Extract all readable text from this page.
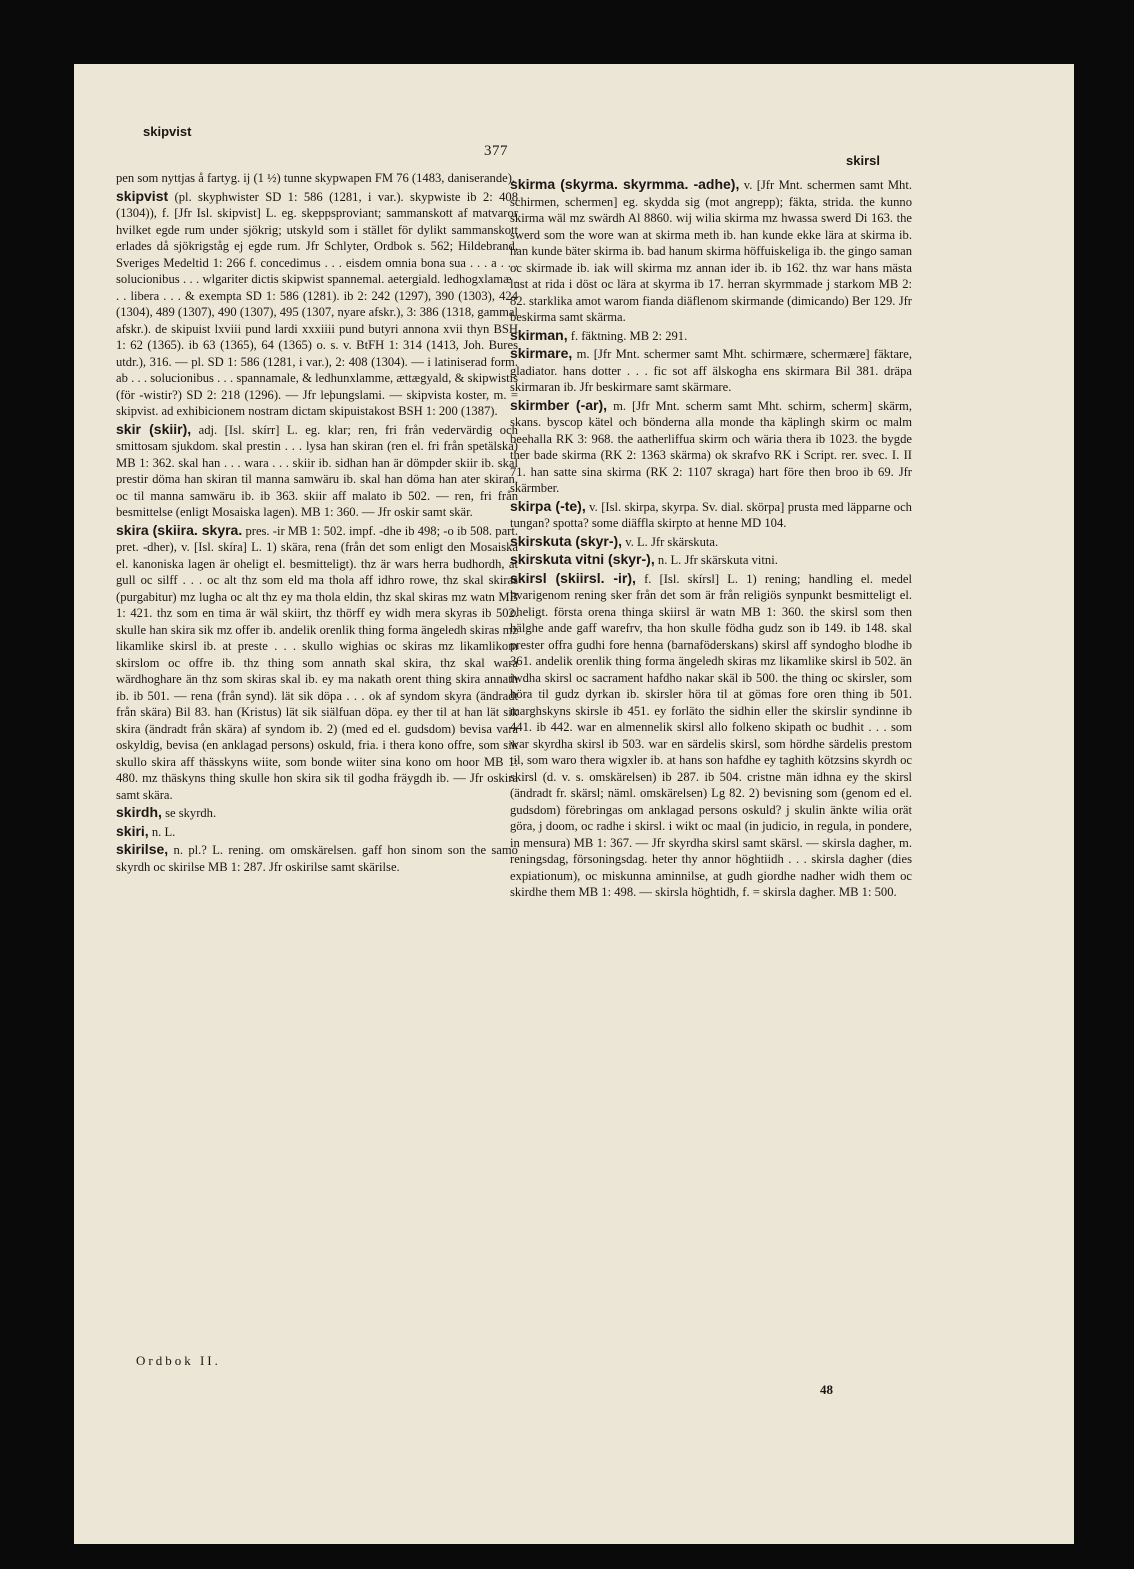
skipvist
377
skirsl

pen som nyttjas å fartyg. ij (1 ½) tunne skypwapen FM 76 (1483, daniserande).

skipvist (pl. skyphwister SD 1: 586 (1281, i var.). skypwiste ib 2: 408 (1304)), f. [Jfr Isl. skipvist] L. eg. skeppsproviant; sammanskott af matvaror hvilket egde rum under sjökrig; utskyld som i stället för dylikt sammanskott erlades då sjökrigståg ej egde rum. Jfr Schlyter, Ordbok s. 562; Hildebrand, Sveriges Medeltid 1: 266 f. concedimus . . . eisdem omnia bona sua . . . a . . . solucionibus . . . wlgariter dictis skipwist spannemal. aetergiald. ledhogxlamæ . . . libera . . . & exempta SD 1: 586 (1281). ib 2: 242 (1297), 390 (1303), 424 (1304), 489 (1307), 490 (1307), 495 (1307, nyare afskr.), 3: 386 (1318, gammal afskr.). de skipuist lxviii pund lardi xxxiiii pund butyri annona xvii thyn BSH 1: 62 (1365). ib 63 (1365), 64 (1365) o. s. v. BtFH 1: 314 (1413, Joh. Bures utdr.), 316. — pl. SD 1: 586 (1281, i var.), 2: 408 (1304). — i latiniserad form. ab . . . solucionibus . . . spannamale, & ledhunxlamme, ættægyald, & skipwistis (för -wistir?) SD 2: 218 (1296). — Jfr leþungslami. — skipvista koster, m. = skipvist. ad exhibicionem nostram dictam skipuistakost BSH 1: 200 (1387).

skir (skiir), adj. [Isl. skírr] L. eg. klar; ren, fri från vedervärdig och smittosam sjukdom. skal prestin . . . lysa han skiran (ren el. fri från spetälska) MB 1: 362. skal han . . . wara . . . skiir ib. sidhan han är dömpder skiir ib. skal prestir döma han skiran til manna samwäru ib. skal han döma han ater skiran, oc til manna samwäru ib. ib 363. skiir aff malato ib 502. — ren, fri från besmittelse (enligt Mosaiska lagen). MB 1: 360. — Jfr oskir samt skär.

skira (skiira. skyra. pres. -ir MB 1: 502. impf. -dhe ib 498; -o ib 508. part. pret. -dher), v. [Isl. skíra] L. 1) skära, rena (från det som enligt den Mosaiska el. kanoniska lagen är oheligt el. besmitteligt). thz är wars herra budhordh, at gull oc silff . . . oc alt thz som eld ma thola aff idhro rowe, thz skal skiras (purgabitur) mz lugha oc alt thz ey ma thola eldin, thz skal skiras mz watn MB 1: 421. thz som en tima är wäl skiirt, thz thörff ey widh mera skyras ib 502. skulle han skira sik mz offer ib. andelik orenlik thing forma ängeledh skiras mz likamlike skirsl ib. at preste . . . skullo wighias oc skiras mz likamlikom skirslom oc offre ib. thz thing som annath skal skira, thz skal wara wärdhoghare än thz som skiras skal ib. ey ma nakath orent thing skira annath ib. ib 501. — rena (från synd). lät sik döpa . . . ok af syndom skyra (ändradt från skära) Bil 83. han (Kristus) lät sik siälfuan döpa. ey ther til at han lät sik skira (ändradt från skära) af syndom ib. 2) (med ed el. gudsdom) bevisa vara oskyldig, bevisa (en anklagad persons) oskuld, fria. i thera kono offre, som sik skullo skira aff thässkyns wiite, som bonde wiiter sina kono om hoor MB 1: 480. mz thäskyns thing skulle hon skira sik til godha fräygdh ib. — Jfr oskira samt skära.

skirdh, se skyrdh.

skiri, n. L.

skirilse, n. pl.? L. rening. om omskärelsen. gaff hon sinom son the samo skyrdh oc skirilse MB 1: 287. Jfr oskirilse samt skärilse.

skirma (skyrma. skyrmma. -adhe), v. [Jfr Mnt. schermen samt Mht. schirmen, schermen] eg. skydda sig (mot angrepp); fäkta, strida. the kunno skirma wäl mz swärdh Al 8860. wij wilia skirma mz hwassa swerd Di 163. the swerd som the wore wan at skirma meth ib. han kunde ekke lära at skirma ib. han kunde bäter skirma ib. bad hanum skirma höffuiskeliga ib. the gingo saman oc skirmade ib. iak will skirma mz annan ider ib. ib 162. thz war hans mästa lust at rida i döst oc lära at skyrma ib 17. herran skyrmmade j starkom MB 2: 82. starklika amot warom fianda diäflenom skirmande (dimicando) Ber 129. Jfr beskirma samt skärma.

skirman, f. fäktning. MB 2: 291.

skirmare, m. [Jfr Mnt. schermer samt Mht. schirmære, schermære] fäktare, gladiator. hans dotter . . . fic sot aff älskogha ens skirmara Bil 381. dräpa skirmaran ib. Jfr beskirmare samt skärmare.

skirmber (-ar), m. [Jfr Mnt. scherm samt Mht. schirm, scherm] skärm, skans. byscop kätel och bönderna alla monde tha käplingh skirm oc malm beehalla RK 3: 968. the aatherliffua skirm och wäria thera ib 1023. the bygde ther bade skirma (RK 2: 1363 skärma) ok skrafvo RK i Script. rer. svec. I. II 71. han satte sina skirma (RK 2: 1107 skraga) hart före then broo ib 69. Jfr skärmber.

skirpa (-te), v. [Isl. skirpa, skyrpa. Sv. dial. skörpa] prusta med läpparne och tungan? spotta? some diäffla skirpto at henne MD 104.

skirskuta (skyr-), v. L. Jfr skärskuta.

skirskuta vitni (skyr-), n. L. Jfr skärskuta vitni.

skirsl (skiirsl. -ir), f. [Isl. skírsl] L. 1) rening; handling el. medel hvarigenom rening sker från det som är från religiös synpunkt besmitteligt el. oheligt. första orena thinga skiirsl är watn MB 1: 360. the skirsl som then hälghe ande gaff warefrv, tha hon skulle födha gudz son ib 149. ib 148. skal prester offra gudhi fore henna (barnaföderskans) skirsl aff syndogho blodhe ib 361. andelik orenlik thing forma ängeledh skiras mz likamlike skirsl ib 502. än iwdha skirsl oc sacrament hafdho nakar skäl ib 500. the thing oc skirsler, som höra til gudz dyrkan ib. skirsler höra til at gömas fore oren thing ib 501. marghskyns skirsle ib 451. ey forläto the sidhin eller the skirslir syndinne ib 441. ib 442. war en almennelik skirsl allo folkeno skipath oc budhit . . . som war skyrdha skirsl ib 503. war en särdelis skirsl, som hördhe särdelis prestom til, som waro thera wigxler ib. at hans son hafdhe ey taghith kötzsins skyrdh oc skirsl (d. v. s. omskärelsen) ib 287. ib 504. cristne män idhna ey the skirsl (ändradt fr. skärsl; näml. omskärelsen) Lg 82. 2) bevisning som (genom ed el. gudsdom) förebringas om anklagad persons oskuld? j skulin änkte wilia orät göra, j doom, oc radhe i skirsl. i wikt oc maal (in judicio, in regula, in pondere, in mensura) MB 1: 367. — Jfr skyrdha skirsl samt skärsl. — skirsla dagher, m. reningsdag, försoningsdag. heter thy annor höghtiidh . . . skirsla dagher (dies expiationum), oc miskunna aminnilse, at gudh giordhe nadher widh them oc skirdhe them MB 1: 498. — skirsla höghtidh, f. = skirsla dagher. MB 1: 500.

Ordbok II.
48
